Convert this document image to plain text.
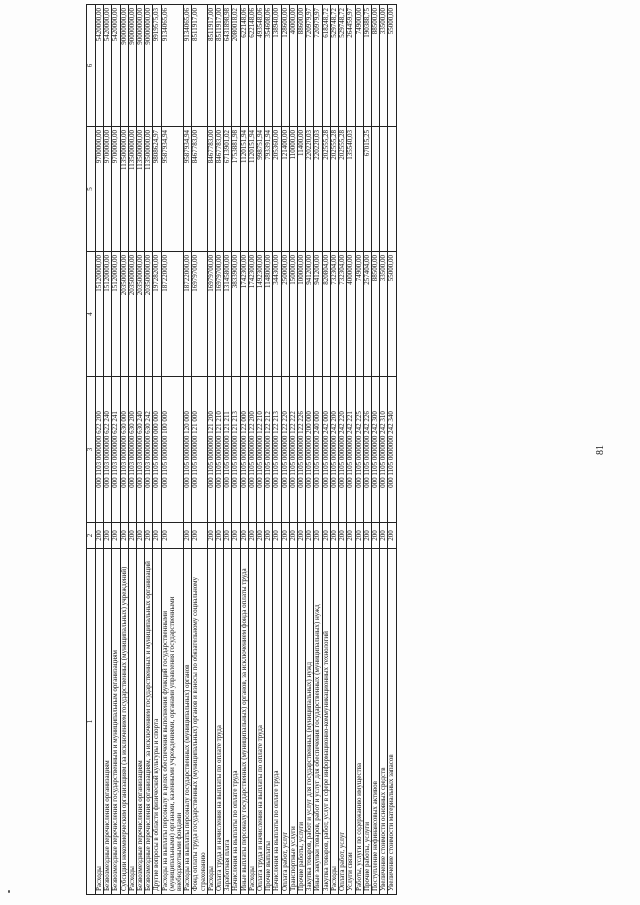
81
1	2	3	4	5	6
Расходы	200	000 1103 0000000 622 200	15120000,00	9700000,00	5420000,00
Безвозмездные перечисления организациям	200	000 1103 0000000 622 240	15120000,00	9700000,00	5420000,00
Безвозмездные перечисления государственным и муниципальным организациям	200	000 1103 0000000 622 241	15120000,00	9700000,00	5420000,00
Субсидии некоммерческим организациям (за исключением государственных (муниципальных) учреждений)	200	000 1103 0000000 630 000	203500000,00	113500000,00	90000000,00
Расходы	200	000 1103 0000000 630 200	203500000,00	113500000,00	90000000,00
Безвозмездные перечисления организациям	200	000 1103 0000000 630 240	203500000,00	113500000,00	90000000,00
Безвозмездные перечисления организациям, за исключением государственных и муниципальных организаций	200	000 1103 0000000 630 242	203500000,00	113500000,00	90000000,00
Другие вопросы в области физической культуры и спорта	200	000 1105 0000000 000 000	19728200,00	9808624,97	9919575,03
Расходы на выплаты персоналу в целях обеспечения выполнения функций государственными (муниципальными) органами, казенными учреждениями, органами управления государственными внебюджетными фондами	200	000 1105 0000000 100 000	18722000,00	9587934,94	9134065,06
Расходы на выплаты персоналу государственных (муниципальных) органов	200	000 1105 0000000 120 000	18722000,00	9587934,94	9134065,06
Фонд оплаты труда государственных (муниципальных) органов и взносы по обязательному социальному страхованию	200	000 1105 0000000 121 000	16979700,00	8467783,00	8511917,00
Расходы	200	000 1105 0000000 121 200	16979700,00	8467783,00	8511917,00
Оплата труда и начисления на выплаты по оплате труда	200	000 1105 0000000 121 210	16979700,00	8467783,00	8511917,00
Заработная плата	200	000 1105 0000000 121 211	13145800,00	6713901,02	6431898,98
Начисления на выплаты по оплате труда	200	000 1105 0000000 121 213	3833900,00	1753881,98	2080018,02
Иные выплаты персоналу государственных (муниципальных) органов, за исключением фонда оплаты труда	200	000 1105 0000000 122 000	1742300,00	1120151,94	622148,06
Расходы	200	000 1105 0000000 122 200	1742300,00	1120151,94	622148,06
Оплата труда и начисления на выплаты по оплате труда	200	000 1105 0000000 122 210	1492300,00	998751,94	493548,06
Прочие выплаты	200	000 1105 0000000 122 212	1148000,00	793391,94	354608,06
Начисления на выплаты по оплате труда	200	000 1105 0000000 122 213	344300,00	205360,00	138940,00
Оплата работ, услуг	200	000 1105 0000000 122 220	250000,00	121400,00	128600,00
Транспортные услуги	200	000 1105 0000000 122 222	150000,00	110000,00	40000,00
Прочие работы, услуги	200	000 1105 0000000 122 226	100000,00	11400,00	88600,00
Закупка товаров, работ и услуг для государственных (муниципальных) нужд	200	000 1105 0000000 200 000	941200,00	220220,03	720979,97
Иные закупки товаров, работ и услуг для обеспечения государственных (муниципальных) нужд	200	000 1105 0000000 240 000	941200,00	220220,03	720979,97
Закупка товаров, работ, услуг в сфере информационно-коммуникационных технологий	200	000 1105 0000000 242 000	820804,00	202555,28	618248,72
Расходы	200	000 1105 0000000 242 200	732304,00	202555,28	529748,72
Оплата работ, услуг	200	000 1105 0000000 242 220	732304,00	202555,28	529748,72
Услуги связи	200	000 1105 0000000 242 221	400000,00	135540,03	264459,97
Работы, услуги по содержанию имущества	200	000 1105 0000000 242 225	74900,00		74900,00
Прочие работы, услуги	200	000 1105 0000000 242 226	257404,00	67015,25	190388,75
Поступление нефинансовых активов	200	000 1105 0000000 242 300	88500,00		88500,00
Увеличение стоимости основных средств	200	000 1105 0000000 242 310	33500,00		33500,00
Увеличение стоимости материальных запасов	200	000 1105 0000000 242 340	55000,00		55000,00
